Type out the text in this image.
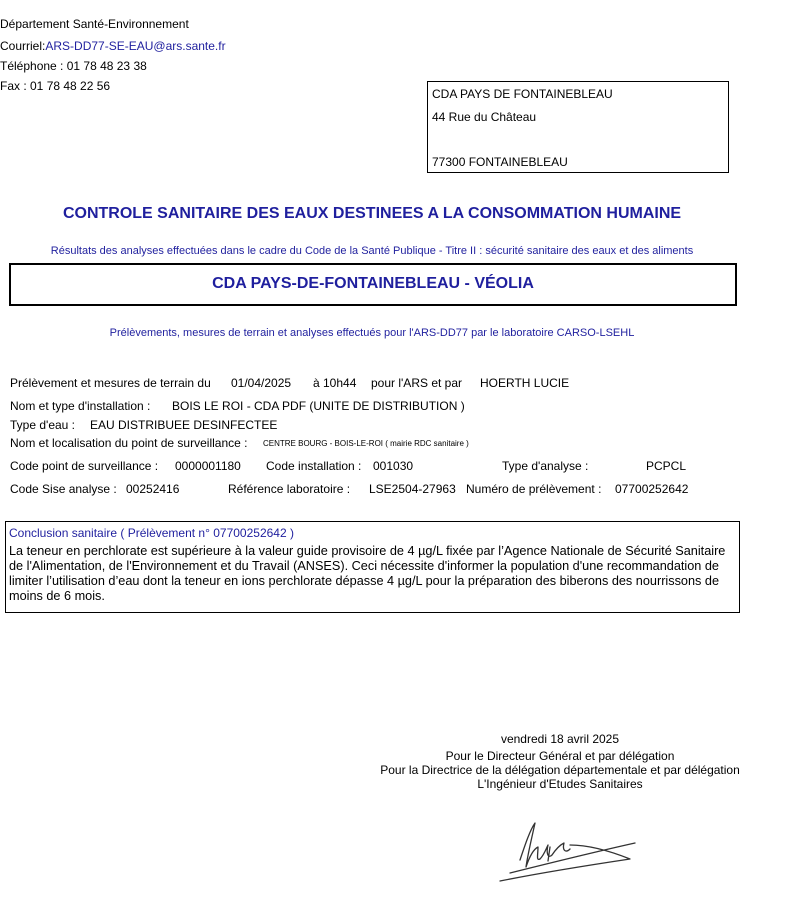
Département Santé-Environnement
Courriel:ARS-DD77-SE-EAU@ars.sante.fr
Téléphone : 01 78 48 23 38
Fax : 01 78 48 22 56
CDA PAYS DE FONTAINEBLEAU
44 Rue du Château
77300 FONTAINEBLEAU
CONTROLE SANITAIRE DES EAUX DESTINEES A LA CONSOMMATION HUMAINE
Résultats des analyses effectuées dans le cadre du Code de la Santé Publique - Titre II : sécurité sanitaire des eaux et des aliments
CDA PAYS-DE-FONTAINEBLEAU - VÉOLIA
Prélèvements, mesures de terrain et analyses effectués pour l'ARS-DD77 par le laboratoire CARSO-LSEHL
Prélèvement et mesures de terrain du 01/04/2025 à 10h44 pour l'ARS et par HOERTH LUCIE
Nom et type d'installation : BOIS LE ROI - CDA PDF (UNITE DE DISTRIBUTION )
Type d'eau : EAU DISTRIBUEE DESINFECTEE
Nom et localisation du point de surveillance : CENTRE BOURG - BOIS-LE-ROI ( mairie RDC sanitaire )
Code point de surveillance : 0000001180 Code installation : 001030	Type d'analyse :	PCPCL
Code Sise analyse : 00252416	Référence laboratoire : LSE2504-27963 Numéro de prélèvement : 07700252642
Conclusion sanitaire ( Prélèvement n° 07700252642 )
La teneur en perchlorate est supérieure à la valeur guide provisoire de 4 µg/L fixée par l’Agence Nationale de Sécurité Sanitaire de l'Alimentation, de l'Environnement et du Travail (ANSES). Ceci nécessite d'informer la population d'une recommandation de limiter l’utilisation d’eau dont la teneur en ions perchlorate dépasse 4 µg/L pour la préparation des biberons des nourrissons de moins de 6 mois.
vendredi 18 avril 2025
Pour le Directeur Général et par délégation
Pour la Directrice de la délégation départementale et par délégation
L'Ingénieur d'Etudes Sanitaires
